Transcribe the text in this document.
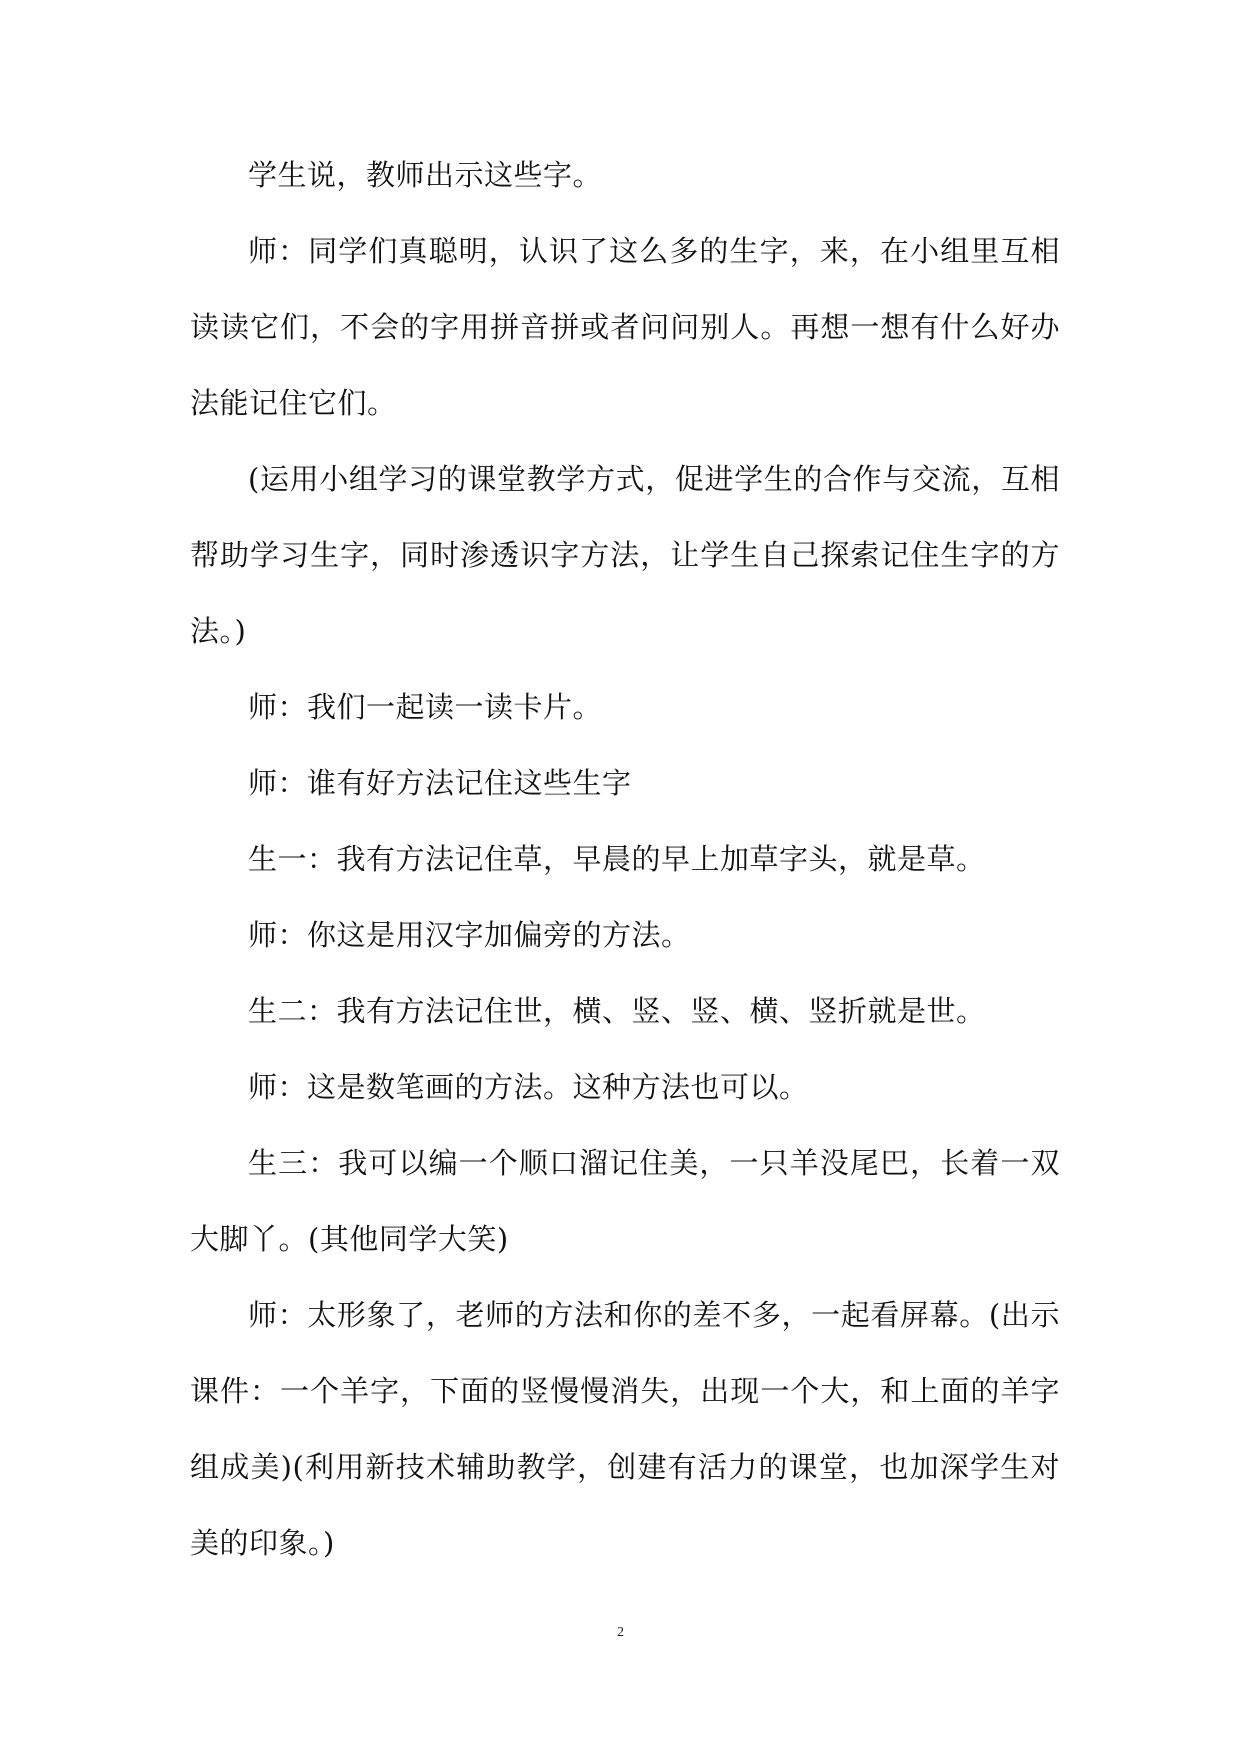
学生说，教师出示这些字。

师：同学们真聪明，认识了这么多的生字，来，在小组里互相读读它们，不会的字用拼音拼或者问问别人。再想一想有什么好办法能记住它们。

(运用小组学习的课堂教学方式，促进学生的合作与交流，互相帮助学习生字，同时渗透识字方法，让学生自己探索记住生字的方法。)

师：我们一起读一读卡片。

师：谁有好方法记住这些生字

生一：我有方法记住草，早晨的早上加草字头，就是草。

师：你这是用汉字加偏旁的方法。

生二：我有方法记住世，横、竖、竖、横、竖折就是世。

师：这是数笔画的方法。这种方法也可以。

生三：我可以编一个顺口溜记住美，一只羊没尾巴，长着一双大脚丫。(其他同学大笑)

师：太形象了，老师的方法和你的差不多，一起看屏幕。(出示课件：一个羊字，下面的竖慢慢消失，出现一个大，和上面的羊字组成美)(利用新技术辅助教学，创建有活力的课堂，也加深学生对美的印象。)

2
